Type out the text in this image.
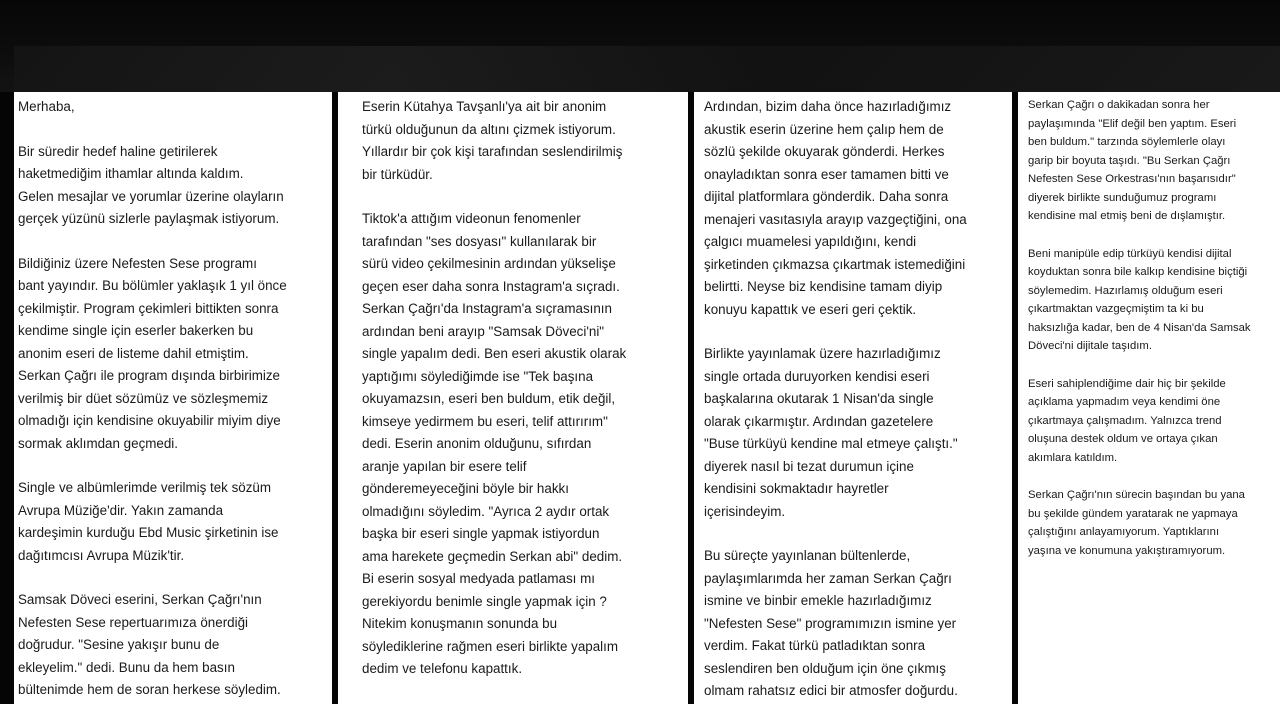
Merhaba,
Bir süredir hedef haline getirilerek
haketmediğim ithamlar altında kaldım.
Gelen mesajlar ve yorumlar üzerine olayların
gerçek yüzünü sizlerle paylaşmak istiyorum.
Bildiğiniz üzere Nefesten Sese programı
bant yayındır. Bu bölümler yaklaşık 1 yıl önce
çekilmiştir. Program çekimleri bittikten sonra
kendime single için eserler bakerken bu
anonim eseri de listeme dahil etmiştim.
Serkan Çağrı ile program dışında birbirimize
verilmiş bir düet sözümüz ve sözleşmemiz
olmadığı için kendisine okuyabilir miyim diye
sormak aklımdan geçmedi.
Single ve albümlerimde verilmiş tek sözüm
Avrupa Müziğe'dir. Yakın zamanda
kardeşimin kurduğu Ebd Music şirketinin ise
dağıtımcısı Avrupa Müzik'tir.
Samsak Döveci eserini, Serkan Çağrı'nın
Nefesten Sese repertuarımıza önerdiği
doğrudur. "Sesine yakışır bunu de
ekleyelim." dedi. Bunu da hem basın
bültenimde hem de soran herkese söyledim.
Eserin Kütahya Tavşanlı'ya ait bir anonim
türkü olduğunun da altını çizmek istiyorum.
Yıllardır bir çok kişi tarafından seslendirilmiş
bir türküdür.
Tiktok'a attığım videonun fenomenler
tarafından "ses dosyası" kullanılarak bir
sürü video çekilmesinin ardından yükselişe
geçen eser daha sonra Instagram'a sıçradı.
Serkan Çağrı'da Instagram'a sıçramasının
ardından beni arayıp "Samsak Döveci'ni"
single yapalım dedi. Ben eseri akustik olarak
yaptığımı söylediğimde ise "Tek başına
okuyamazsın, eseri ben buldum, etik değil,
kimseye yedirmem bu eseri, telif attırırım"
dedi. Eserin anonim olduğunu, sıfırdan
aranje yapılan bir esere telif
gönderemeyeceğini böyle bir hakkı
olmadığını söyledim. "Ayrıca 2 aydır ortak
başka bir eseri single yapmak istiyordun
ama harekete geçmedin Serkan abi" dedim.
Bi eserin sosyal medyada patlaması mı
gerekiyordu benimle single yapmak için ?
Nitekim konuşmanın sonunda bu
söylediklerine rağmen eseri birlikte yapalım
dedim ve telefonu kapattık.
Ardından, bizim daha önce hazırladığımız
akustik eserin üzerine hem çalıp hem de
sözlü şekilde okuyarak gönderdi. Herkes
onayladıktan sonra eser tamamen bitti ve
dijital platformlara gönderdik. Daha sonra
menajeri vasıtasıyla arayıp vazgeçtiğini, ona
çalgıcı muamelesi yapıldığını, kendi
şirketinden çıkmazsa çıkartmak istemediğini
belirtti. Neyse biz kendisine tamam diyip
konuyu kapattık ve eseri geri çektik.
Birlikte yayınlamak üzere hazırladığımız
single ortada duruyorken kendisi eseri
başkalarına okutarak 1 Nisan'da single
olarak çıkarmıştır. Ardından gazetelere
"Buse türküyü kendine mal etmeye çalıştı."
diyerek nasıl bi tezat durumun içine
kendisini sokmaktadır hayretler
içerisindeyim.
Bu süreçte yayınlanan bültenlerde,
paylaşımlarımda her zaman Serkan Çağrı
ismine ve binbir emekle hazırladığımız
"Nefesten Sese" programımızın ismine yer
verdim. Fakat türkü patladıktan sonra
seslendiren ben olduğum için öne çıkmış
olmam rahatsız edici bir atmosfer doğurdu.
Serkan Çağrı o dakikadan sonra her
paylaşımında "Elif değil ben yaptım. Eseri
ben buldum." tarzında söylemlerle olayı
garip bir boyuta taşıdı. "Bu Serkan Çağrı
Nefesten Sese Orkestrası'nın başarısıdır"
diyerek birlikte sunduğumuz programı
kendisine mal etmiş beni de dışlamıştır.
Beni manipüle edip türküyü kendisi dijital
koyduktan sonra bile kalkıp kendisine biçtiği
söylemedim. Hazırlamış olduğum eseri
çıkartmaktan vazgeçmiştim ta ki bu
haksızlığa kadar, ben de 4 Nisan'da Samsak
Döveci'ni dijitale taşıdım.
Eseri sahiplendiğime dair hiç bir şekilde
açıklama yapmadım veya kendimi öne
çıkartmaya çalışmadım. Yalnızca trend
oluşuna destek oldum ve ortaya çıkan
akımlara katıldım.
Serkan Çağrı'nın sürecin başından bu yana
bu şekilde gündem yaratarak ne yapmaya
çalıştığını anlayamıyorum. Yaptıklarını
yaşına ve konumuna yakıştıramıyorum.
